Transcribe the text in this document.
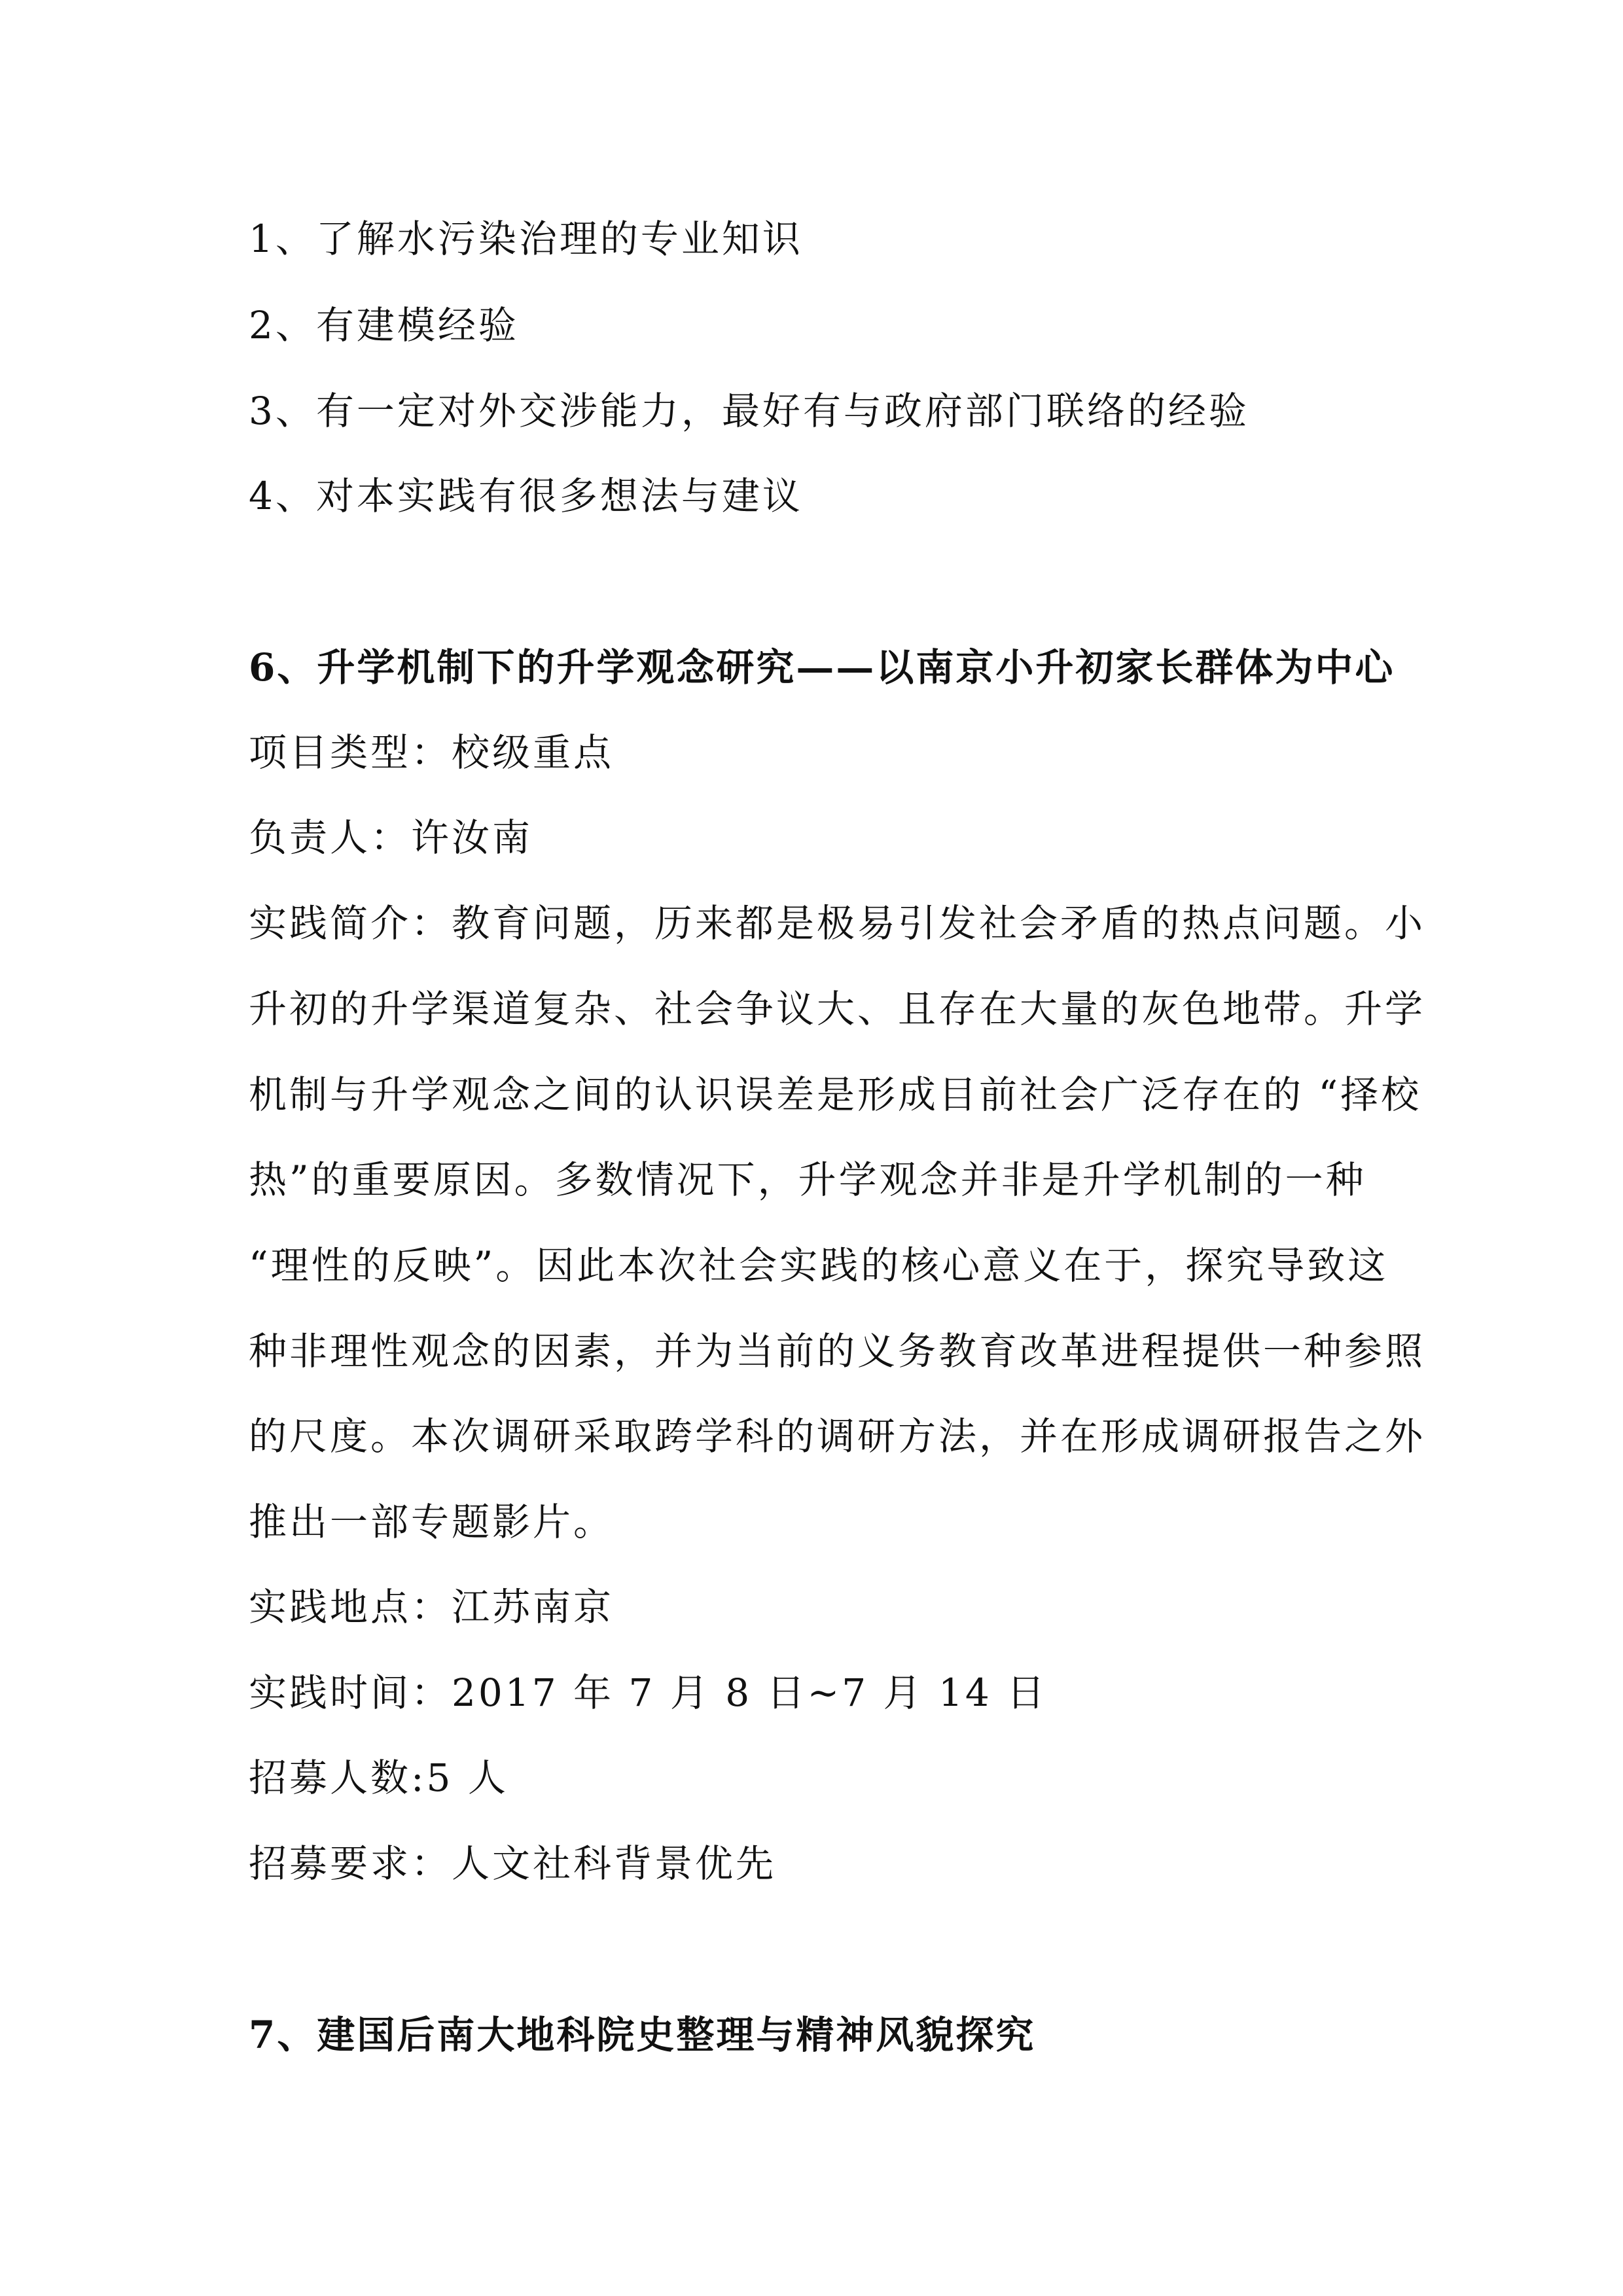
1、了解水污染治理的专业知识
2、有建模经验
3、有一定对外交涉能力，最好有与政府部门联络的经验
4、对本实践有很多想法与建议
6、升学机制下的升学观念研究——以南京小升初家长群体为中心
项目类型：校级重点
负责人：许汝南
实践简介：教育问题，历来都是极易引发社会矛盾的热点问题。小
升初的升学渠道复杂、社会争议大、且存在大量的灰色地带。升学
机制与升学观念之间的认识误差是形成目前社会广泛存在的 “择校
热”的重要原因。多数情况下，升学观念并非是升学机制的一种
“理性的反映”。因此本次社会实践的核心意义在于，探究导致这
种非理性观念的因素，并为当前的义务教育改革进程提供一种参照
的尺度。本次调研采取跨学科的调研方法，并在形成调研报告之外
推出一部专题影片。
实践地点：江苏南京
实践时间：2017 年 7 月 8 日~7 月 14 日
招募人数:5 人
招募要求：人文社科背景优先
7、建国后南大地科院史整理与精神风貌探究
